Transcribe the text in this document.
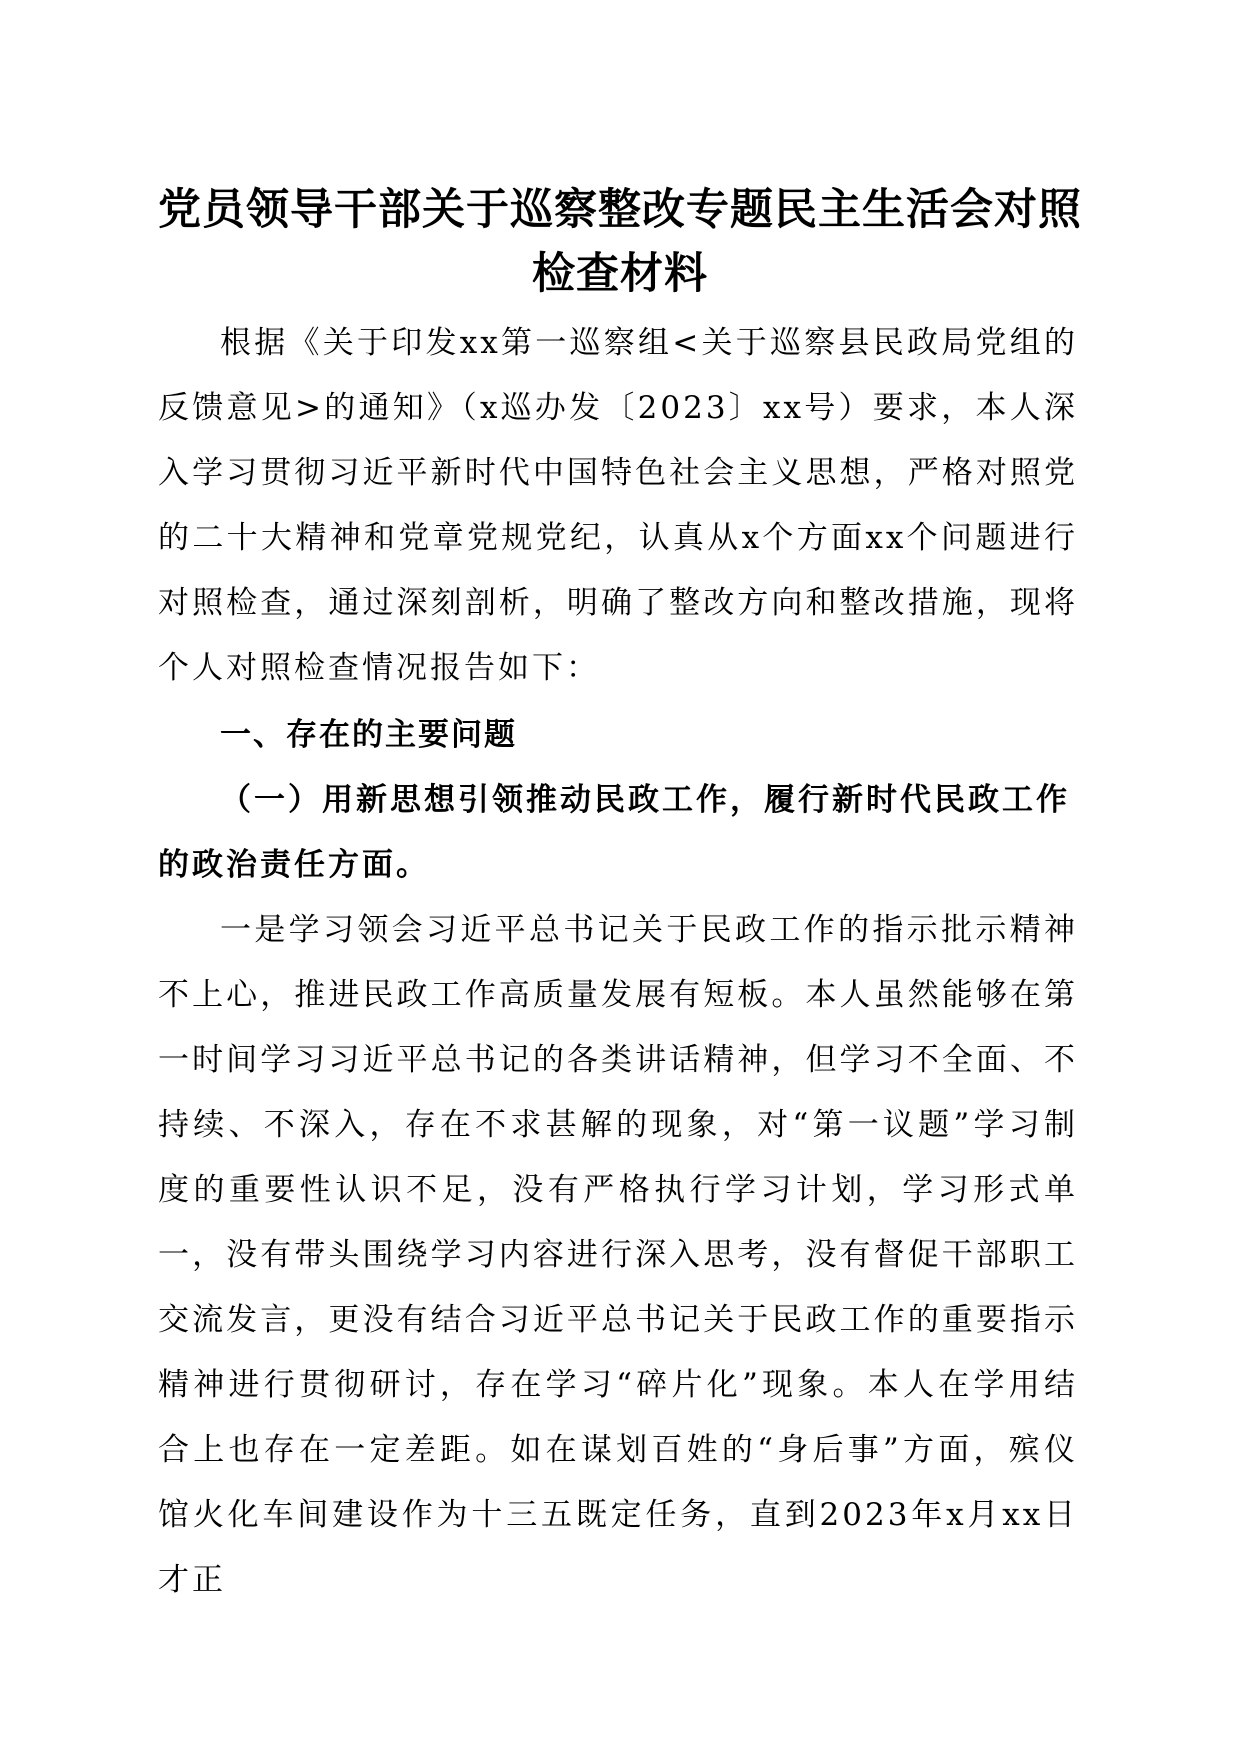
党员领导干部关于巡察整改专题民主生活会对照检查材料

根据《关于印发xx第一巡察组<关于巡察县民政局党组的反馈意见>的通知》（x巡办发〔2023〕xx号）要求，本人深入学习贯彻习近平新时代中国特色社会主义思想，严格对照党的二十大精神和党章党规党纪，认真从x个方面xx个问题进行对照检查，通过深刻剖析，明确了整改方向和整改措施，现将个人对照检查情况报告如下：

一、存在的主要问题
（一）用新思想引领推动民政工作，履行新时代民政工作的政治责任方面。

一是学习领会习近平总书记关于民政工作的指示批示精神不上心，推进民政工作高质量发展有短板。本人虽然能够在第一时间学习习近平总书记的各类讲话精神，但学习不全面、不持续、不深入，存在不求甚解的现象，对“第一议题”学习制度的重要性认识不足，没有严格执行学习计划，学习形式单一，没有带头围绕学习内容进行深入思考，没有督促干部职工交流发言，更没有结合习近平总书记关于民政工作的重要指示精神进行贯彻研讨，存在学习“碎片化”现象。本人在学用结合上也存在一定差距。如在谋划百姓的“身后事”方面，殡仪馆火化车间建设作为十三五既定任务，直到2023年x月xx日才正
